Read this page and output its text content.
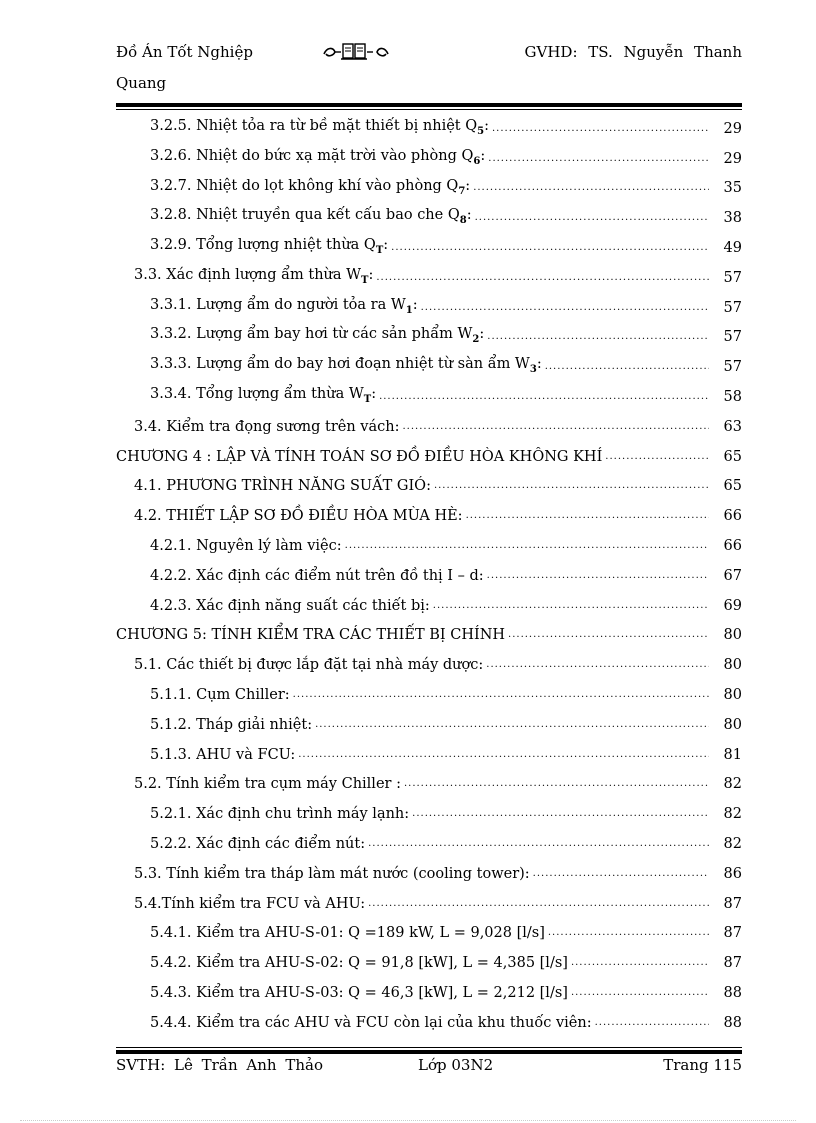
Đồ Án Tốt Nghiệp	GVHD: TS. Nguyễn Thanh
Quang
3.2.5. Nhiệt tỏa ra từ bề mặt thiết bị nhiệt $Q_5$: .....	29
3.2.6. Nhiệt do bức xạ mặt trời vào phòng $Q_6$: .....	29
3.2.7. Nhiệt do lọt không khí vào phòng $Q_7$: .....	35
3.2.8. Nhiệt truyền qua kết cấu bao che $Q_8$: .....	38
3.2.9. Tổng lượng nhiệt thừa $Q_T$: .....	49
3.3. Xác định lượng ẩm thừa $W_T$: .....	57
3.3.1. Lượng ẩm do người tỏa ra $W_1$: .....	57
3.3.2. Lượng ẩm bay hơi từ các sản phẩm $W_2$: .....	57
3.3.3. Lượng ẩm do bay hơi đoạn nhiệt từ sàn ẩm $W_3$: .....	57
3.3.4. Tổng lượng ẩm thừa $W_T$: .....	58
3.4. Kiểm tra đọng sương trên vách: .....	63
CHƯƠNG 4 : LẬP VÀ TÍNH TOÁN SƠ ĐỒ ĐIỀU HÒA KHÔNG KHÍ .....	65
4.1. PHƯƠNG TRÌNH NĂNG SUẤT GIÓ: .....	65
4.2. THIẾT LẬP SƠ ĐỒ ĐIỀU HÒA MÙA HÈ: .....	66
4.2.1. Nguyên lý làm việc: .....	66
4.2.2. Xác định các điểm nút trên đồ thị I – d: .....	67
4.2.3. Xác định năng suất các thiết bị: .....	69
CHƯƠNG 5: TÍNH KIỂM TRA CÁC THIẾT BỊ CHÍNH .....	80
5.1. Các thiết bị được lắp đặt tại nhà máy dược: .....	80
5.1.1. Cụm Chiller: .....	80
5.1.2. Tháp giải nhiệt: .....	80
5.1.3. AHU và FCU: .....	81
5.2. Tính kiểm tra cụm máy Chiller : .....	82
5.2.1. Xác định chu trình máy lạnh: .....	82
5.2.2. Xác định các điểm nút: .....	82
5.3. Tính kiểm tra tháp làm mát nước (cooling tower): .....	86
5.4.Tính kiểm tra FCU và AHU: .....	87
5.4.1. Kiểm tra AHU-S-01: Q =189 kW, L = 9,028 [l/s] .....	87
5.4.2. Kiểm tra AHU-S-02: Q = 91,8 [kW], L = 4,385 [l/s] .....	87
5.4.3. Kiểm tra AHU-S-03: Q = 46,3 [kW], L = 2,212 [l/s] .....	88
5.4.4. Kiểm tra các AHU và FCU còn lại của khu thuốc viên: .....	88
SVTH: Lê Trần Anh Thảo	Lớp 03N2	Trang 115
